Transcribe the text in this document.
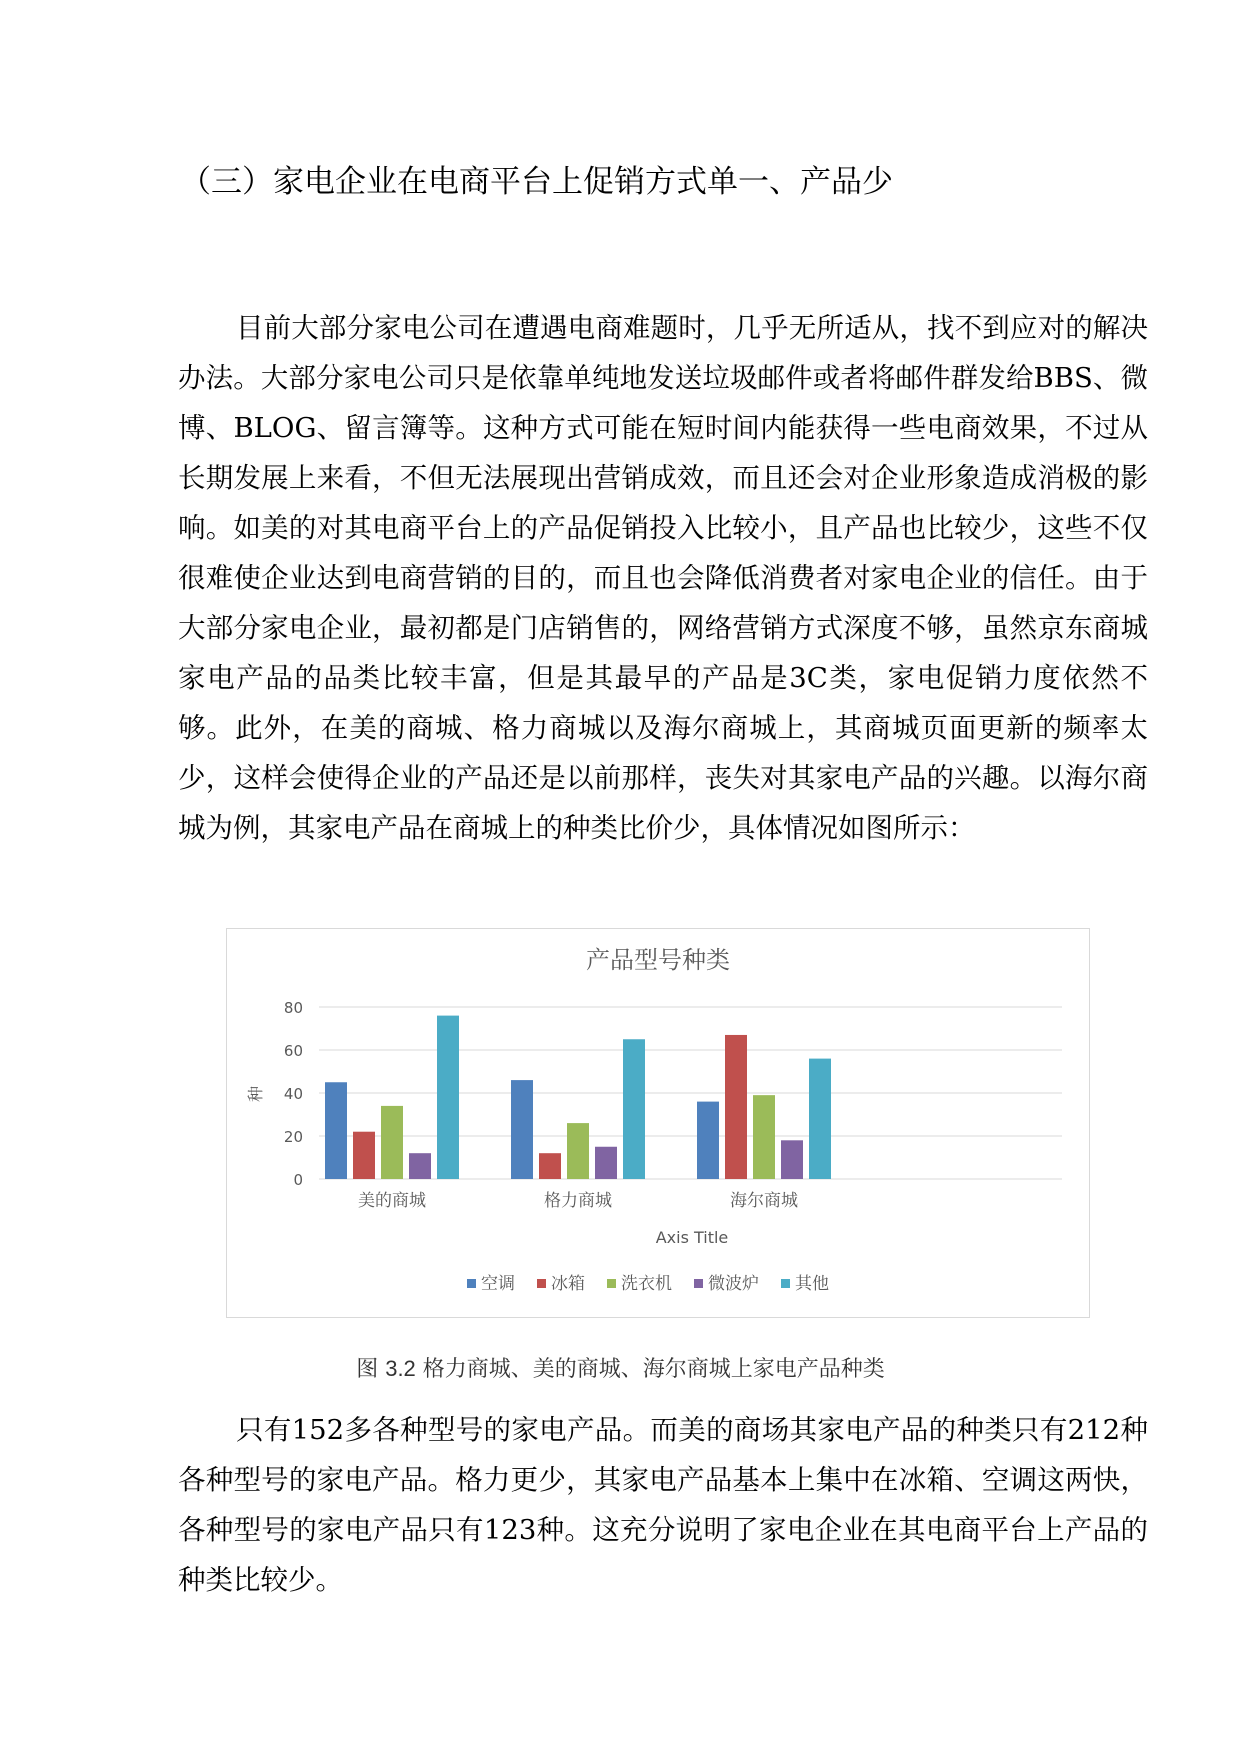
（三）家电企业在电商平台上促销方式单一、产品少
目前大部分家电公司在遭遇电商难题时，几乎无所适从，找不到应对的解决办法。大部分家电公司只是依靠单纯地发送垃圾邮件或者将邮件群发给BBS、微博、BLOG、留言簿等。这种方式可能在短时间内能获得一些电商效果，不过从长期发展上来看，不但无法展现出营销成效，而且还会对企业形象造成消极的影响。如美的对其电商平台上的产品促销投入比较小，且产品也比较少，这些不仅很难使企业达到电商营销的目的，而且也会降低消费者对家电企业的信任。由于大部分家电企业，最初都是门店销售的，网络营销方式深度不够，虽然京东商城家电产品的品类比较丰富，但是其最早的产品是3C类，家电促销力度依然不够。此外，在美的商城、格力商城以及海尔商城上，其商城页面更新的频率太少，这样会使得企业的产品还是以前那样，丧失对其家电产品的兴趣。以海尔商城为例，其家电产品在商城上的种类比价少，具体情况如图所示：
产品型号种类
0
20
40
60
80
种
美的商城	格力商城	海尔商城
Axis Title
空调 冰箱 洗衣机 微波炉 其他
图 3.2 格力商城、美的商城、海尔商城上家电产品种类
只有152多各种型号的家电产品。而美的商场其家电产品的种类只有212种各种型号的家电产品。格力更少，其家电产品基本上集中在冰箱、空调这两快，各种型号的家电产品只有123种。这充分说明了家电企业在其电商平台上产品的种类比较少。
